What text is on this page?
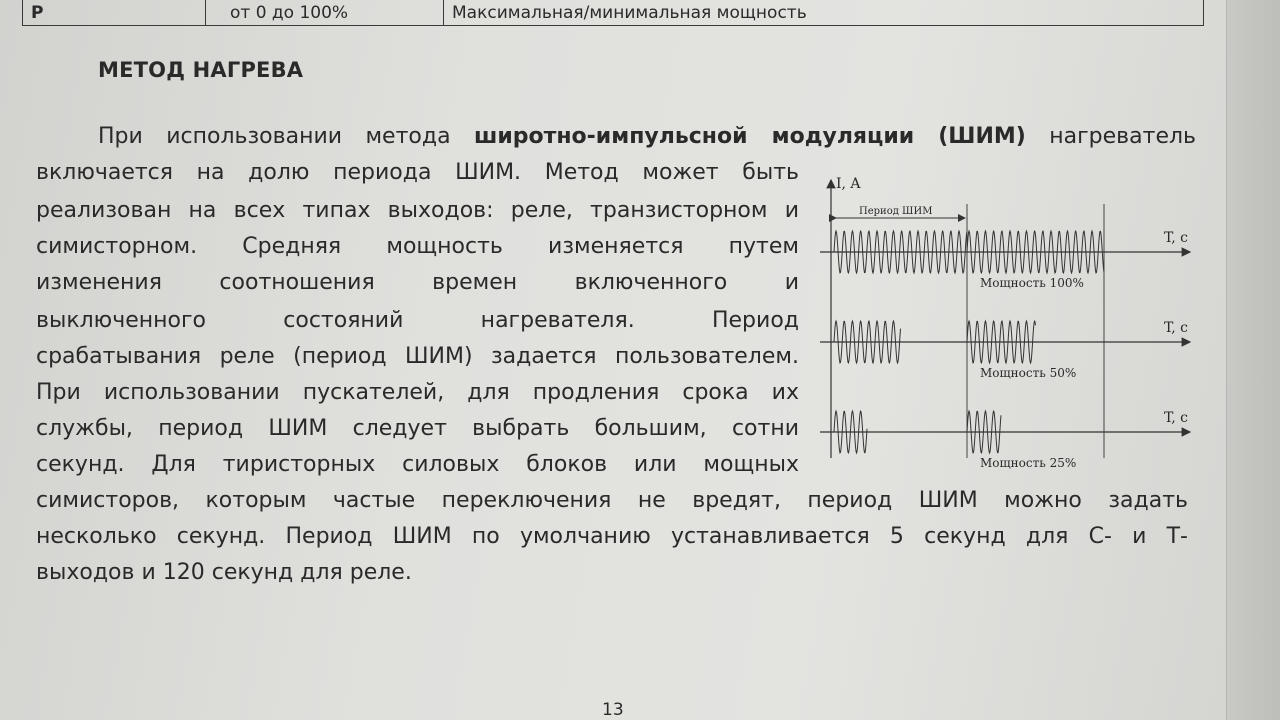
P	от 0 до 100%	Максимальная/минимальная мощность
МЕТОД НАГРЕВА
При использовании метода широтно-импульсной модуляции (ШИМ) нагреватель
включается на долю периода ШИМ. Метод может быть
реализован на всех типах выходов: реле, транзисторном и
симисторном. Средняя мощность изменяется путем
изменения соотношения времен включенного и
выключенного состояний нагревателя. Период
срабатывания реле (период ШИМ) задается пользователем.
При использовании пускателей, для продления срока их
службы, период ШИМ следует выбрать большим, сотни
секунд. Для тиристорных силовых блоков или мощных
симисторов, которым частые переключения не вредят, период ШИМ можно задать
несколько секунд. Период ШИМ по умолчанию устанавливается 5 секунд для С- и Т-
выходов и 120 секунд для реле.
I, A
Период ШИМ
T, c
Мощность 100%
T, c
Мощность 50%
T, c
Мощность 25%
13
